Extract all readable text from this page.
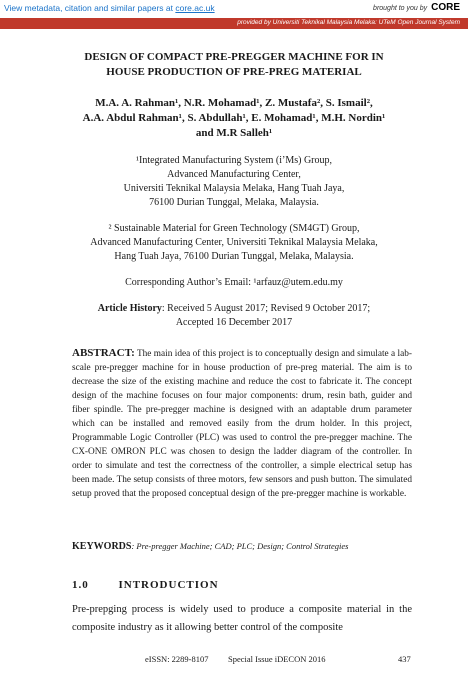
View metadata, citation and similar papers at core.ac.uk	brought to you by CORE
provided by Universiti Teknikal Malaysia Melaka: UTeM Open Journal System
DESIGN OF COMPACT PRE-PREGGER MACHINE FOR IN
HOUSE PRODUCTION OF PRE-PREG MATERIAL
M.A. A. Rahman¹, N.R. Mohamad¹, Z. Mustafa², S. Ismail²,
A.A. Abdul Rahman¹, S. Abdullah¹, E. Mohamad¹, M.H. Nordin¹
and M.R Salleh¹
¹Integrated Manufacturing System (i’Ms) Group,
Advanced Manufacturing Center,
Universiti Teknikal Malaysia Melaka, Hang Tuah Jaya,
76100 Durian Tunggal, Melaka, Malaysia.
² Sustainable Material for Green Technology (SM4GT) Group,
Advanced Manufacturing Center, Universiti Teknikal Malaysia Melaka,
Hang Tuah Jaya, 76100 Durian Tunggal, Melaka, Malaysia.
Corresponding Author’s Email: ¹arfauz@utem.edu.my
Article History: Received 5 August 2017; Revised 9 October 2017;
Accepted 16 December 2017
ABSTRACT: The main idea of this project is to conceptually design and simulate a lab-scale pre-pregger machine for in house production of pre-preg material. The aim is to decrease the size of the existing machine and reduce the cost to fabricate it. The concept design of the machine focuses on four major components: drum, resin bath, guider and fiber spindle. The pre-pregger machine is designed with an adaptable drum parameter which can be installed and removed easily from the drum holder. In this project, Programmable Logic Controller (PLC) was used to control the pre-pregger machine. The CX-ONE OMRON PLC was chosen to design the ladder diagram of the controller. In order to simulate and test the correctness of the controller, a simple electrical setup has been made. The setup consists of three motors, few sensors and push button. The simulated setup proved that the proposed conceptual design of the pre-pregger machine is workable.
KEYWORDS: Pre-pregger Machine; CAD; PLC; Design; Control Strategies
1.0	INTRODUCTION
Pre-prepging process is widely used to produce a composite material in the composite industry as it allowing better control of the composite
eISSN: 2289-8107 Special Issue iDECON 2016	437
